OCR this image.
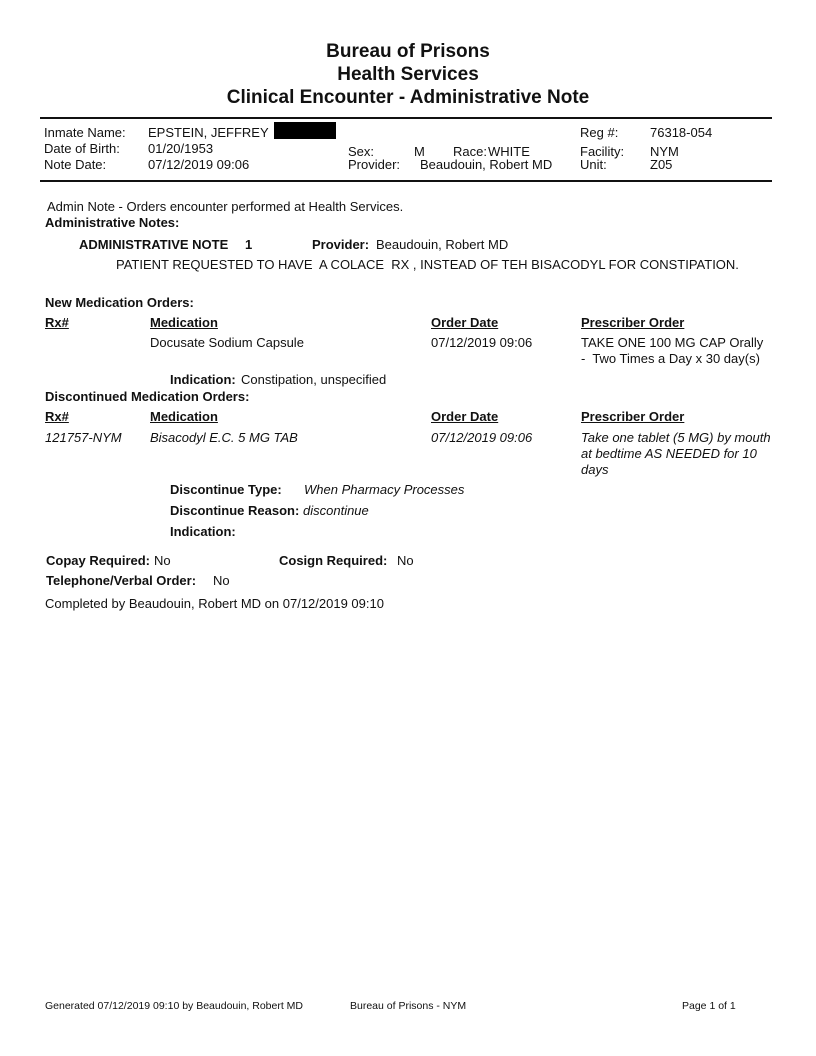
Bureau of Prisons
Health Services
Clinical Encounter - Administrative Note
Inmate Name: EPSTEIN, JEFFREY
Date of Birth: 01/20/1953
Note Date:	07/12/2019 09:06
Sex:	M Race: WHITE
Provider: Beaudouin, Robert MD
Reg #: 76318-054
Facility: NYM
Unit:	Z05
Admin Note - Orders encounter performed at Health Services.
Administrative Notes:
ADMINISTRATIVE NOTE 1	Provider: Beaudouin, Robert MD
PATIENT REQUESTED TO HAVE  A COLACE  RX , INSTEAD OF TEH BISACODYL FOR CONSTIPATION.
New Medication Orders:
Rx#	Medication	Order Date	Prescriber Order
Docusate Sodium Capsule	07/12/2019 09:06	TAKE ONE 100 MG CAP Orally
-  Two Times a Day x 30 day(s)
Indication: Constipation, unspecified
Discontinued Medication Orders:
Rx#	Medication	Order Date	Prescriber Order
121757-NYM Bisacodyl E.C. 5 MG TAB	07/12/2019 09:06	Take one tablet (5 MG) by mouth
at bedtime AS NEEDED for 10
days
Discontinue Type: When Pharmacy Processes
Discontinue Reason: discontinue
Indication:
Copay Required: No	Cosign Required: No
Telephone/Verbal Order: No
Completed by Beaudouin, Robert MD on 07/12/2019 09:10
Generated 07/12/2019 09:10 by Beaudouin, Robert MD	Bureau of Prisons - NYM	Page 1 of 1
